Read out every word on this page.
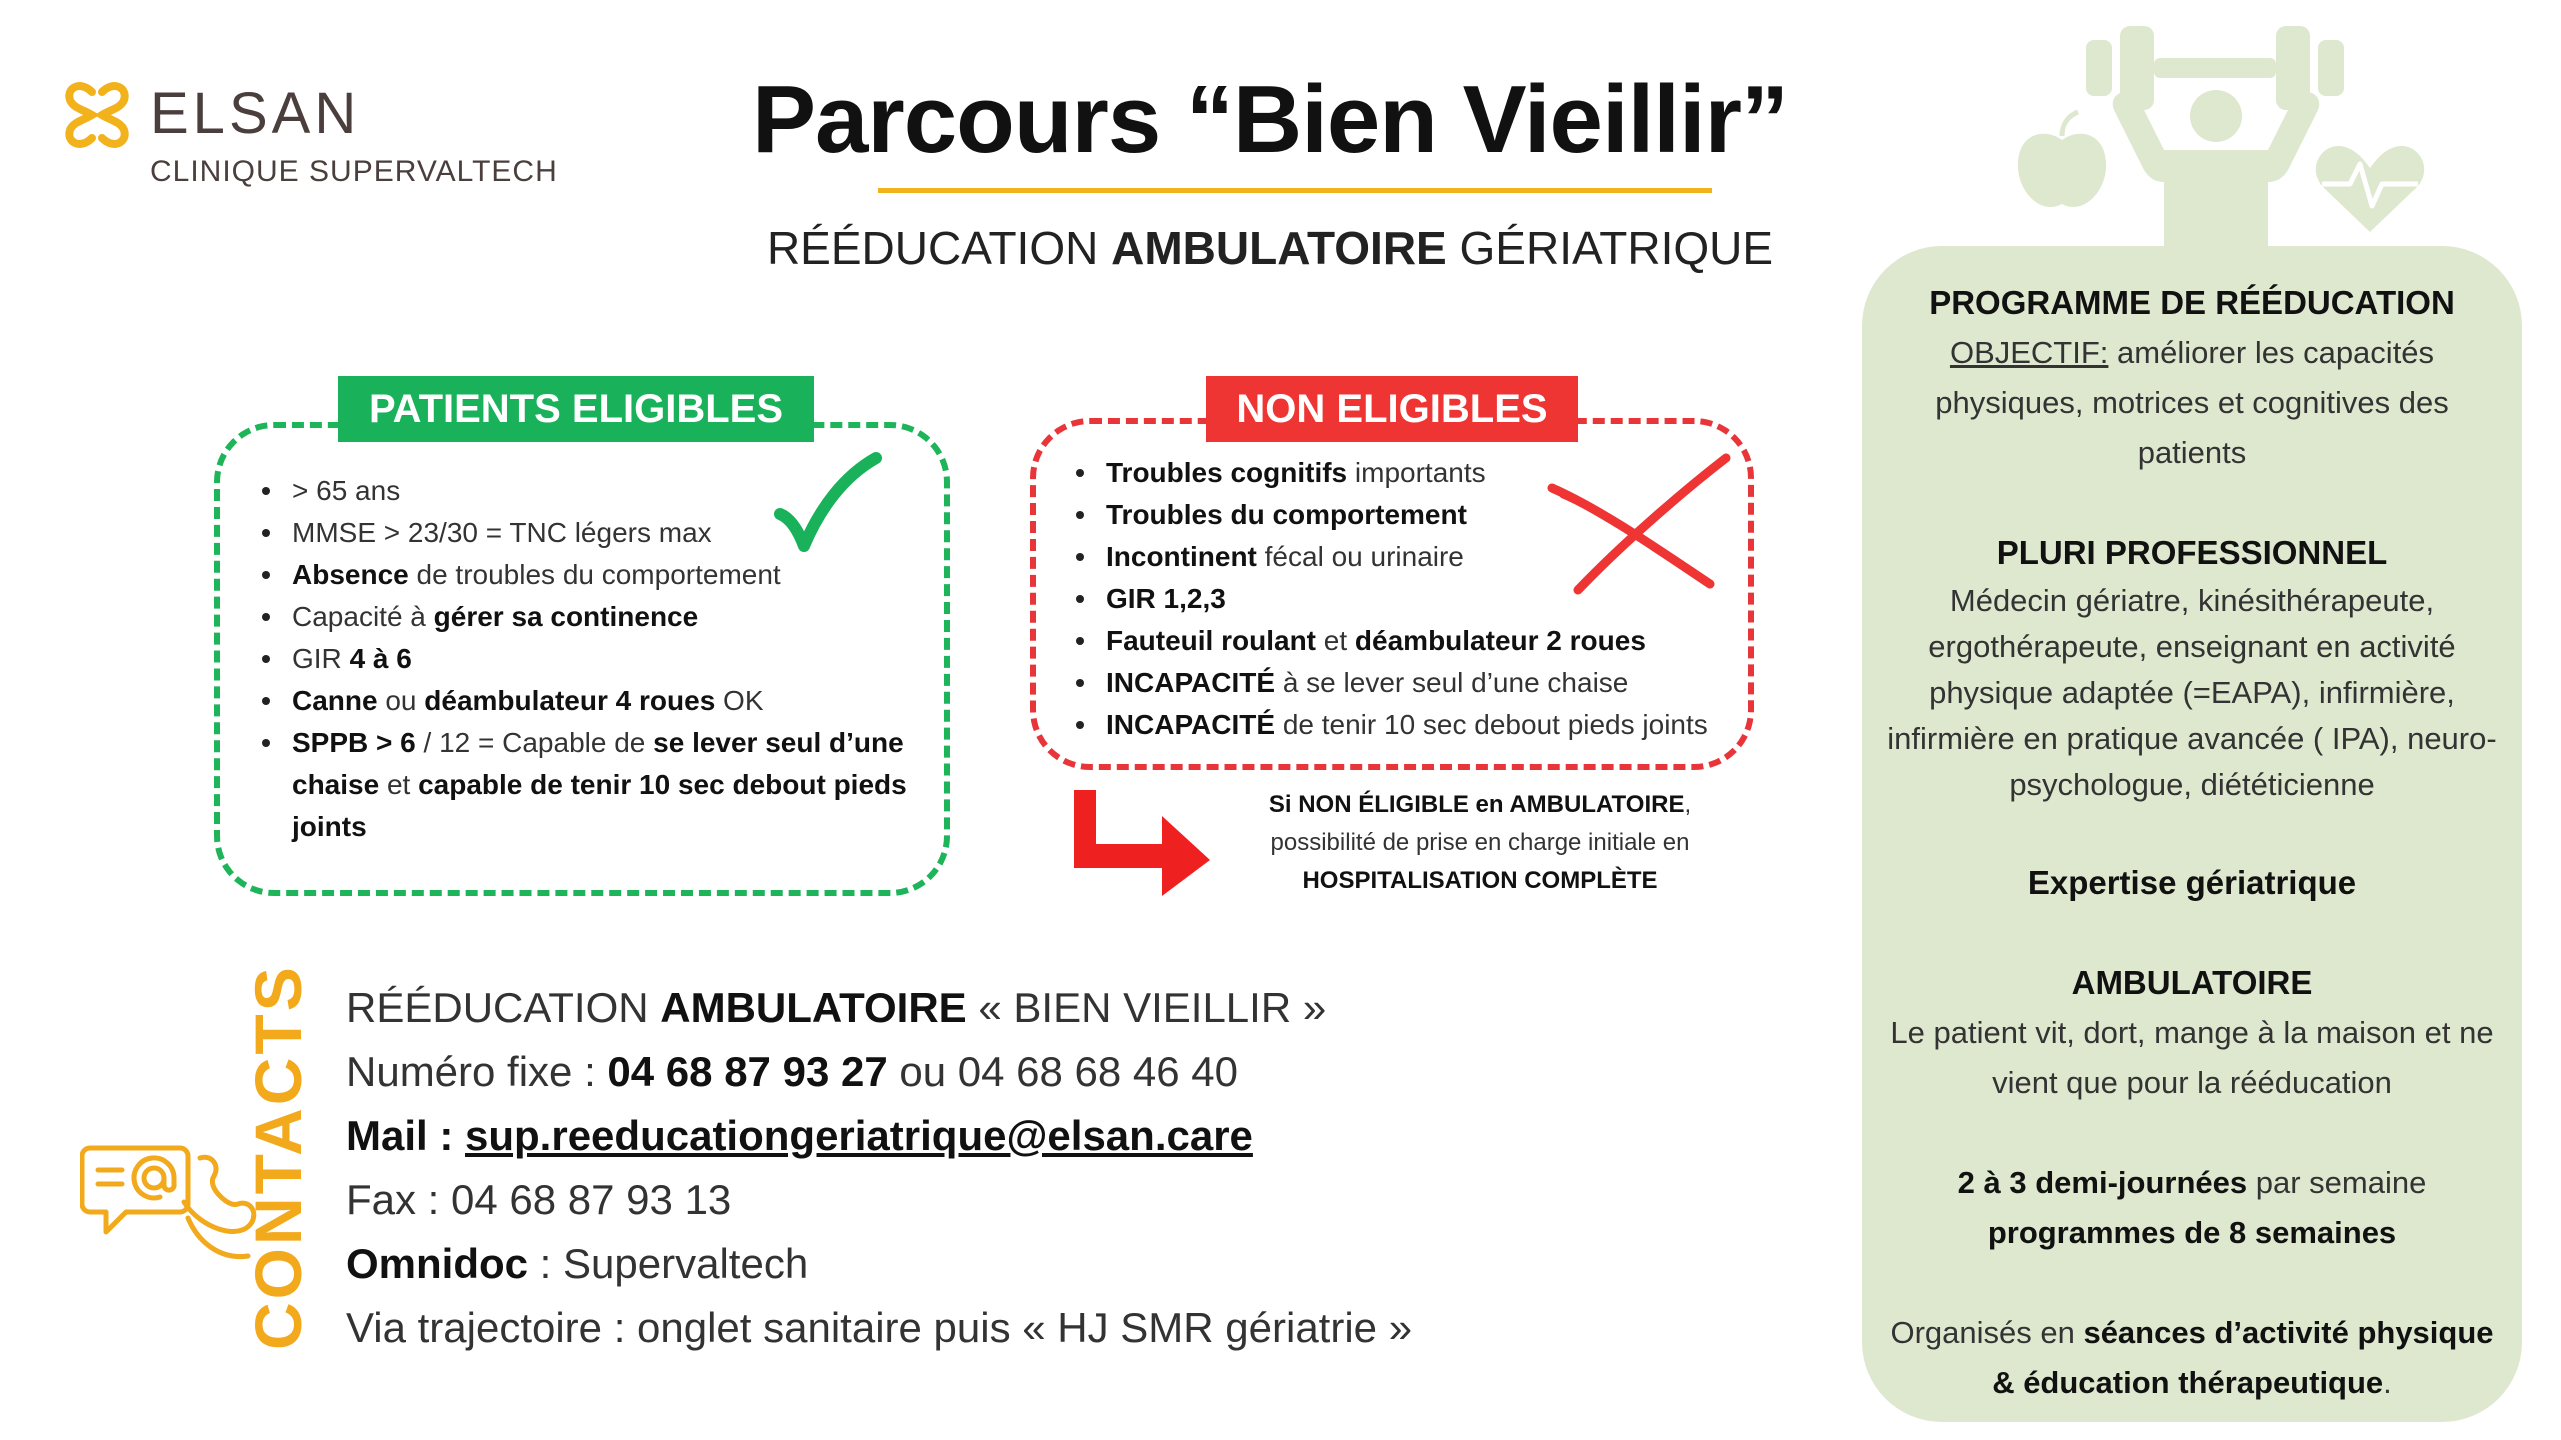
ELSAN
CLINIQUE SUPERVALTECH	Parcours “Bien Vieillir”
RÉÉDUCATION AMBULATOIRE GÉRIATRIQUE
PATIENTS ELIGIBLES
> 65 ans
MMSE > 23/30 = TNC légers max
Absence de troubles du comportement
Capacité à gérer sa continence
GIR 4 à 6
Canne ou déambulateur 4 roues OK
SPPB > 6 / 12 = Capable de se lever seul d’une chaise et capable de tenir 10 sec debout pieds joints
NON ELIGIBLES
Troubles cognitifs importants
Troubles du comportement
Incontinent fécal ou urinaire
GIR 1,2,3
Fauteuil roulant et déambulateur 2 roues
INCAPACITÉ à se lever seul d’une chaise
INCAPACITÉ de tenir 10 sec debout pieds joints
Si NON ÉLIGIBLE en AMBULATOIRE,
possibilité de prise en charge initiale en
HOSPITALISATION COMPLÈTE
CONTACTS RÉÉDUCATION AMBULATOIRE « BIEN VIEILLIR »
Numéro fixe : 04 68 87 93 27 ou 04 68 68 46 40
Mail : sup.reeducationgeriatrique@elsan.care
Fax : 04 68 87 93 13
Omnidoc : Supervaltech
Via trajectoire : onglet sanitaire puis « HJ SMR gériatrie »

PROGRAMME DE RÉÉDUCATION

OBJECTIF: améliorer les capacités physiques, motrices et cognitives des patients

PLURI PROFESSIONNEL

Médecin gériatre, kinésithérapeute, ergothérapeute, enseignant en activité physique adaptée (=EAPA), infirmière, infirmière en pratique avancée ( IPA), neuro-psychologue, diététicienne

Expertise gériatrique

AMBULATOIRE

Le patient vit, dort, mange à la maison et ne vient que pour la rééducation

2 à 3 demi-journées par semaine

programmes de 8 semaines

Organisés en séances d’activité physique & éducation thérapeutique.
